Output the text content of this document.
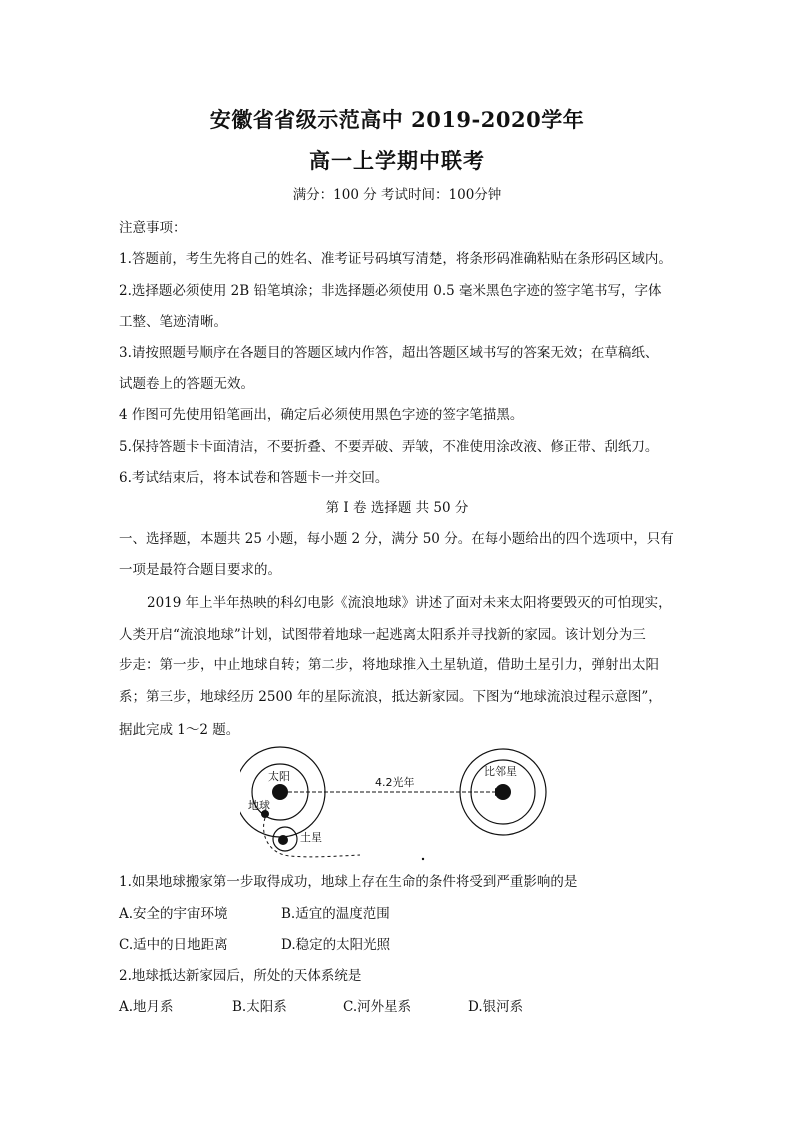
安徽省省级示范高中 2019-2020学年
高一上学期中联考
满分：100 分 考试时间：100分钟
注意事项：
1.答题前，考生先将自己的姓名、准考证号码填写清楚，将条形码准确粘贴在条形码区域内。
2.选择题必须使用 2B 铅笔填涂；非选择题必须使用 0.5 毫米黑色字迹的签字笔书写，字体
工整、笔迹清晰。
3.请按照题号顺序在各题目的答题区域内作答，超出答题区域书写的答案无效；在草稿纸、
试题卷上的答题无效。
4 作图可先使用铅笔画出，确定后必须使用黑色字迹的签字笔描黑。
5.保持答题卡卡面清洁，不要折叠、不要弄破、弄皱，不准使用涂改液、修正带、刮纸刀。
6.考试结束后，将本试卷和答题卡一并交回。
第 I 卷 选择题 共 50 分
一、选择题，本题共 25 小题，每小题 2 分，满分 50 分。在每小题给出的四个选项中，只有
一项是最符合题目要求的。
2019 年上半年热映的科幻电影《流浪地球》讲述了面对未来太阳将要毁灭的可怕现实，
人类开启“流浪地球”计划，试图带着地球一起逃离太阳系并寻找新的家园。该计划分为三
步走：第一步，中止地球自转；第二步，将地球推入土星轨道，借助土星引力，弹射出太阳
系；第三步，地球经历 2500 年的星际流浪，抵达新家园。下图为“地球流浪过程示意图”，
据此完成 1～2 题。
太阳
地球
土星
4.2光年
比邻星
1.如果地球搬家第一步取得成功，地球上存在生命的条件将受到严重影响的是
A.安全的宇宙环境	B.适宜的温度范围
C.适中的日地距离	D.稳定的太阳光照
2.地球抵达新家园后，所处的天体系统是
A.地月系	B.太阳系	C.河外星系	D.银河系
